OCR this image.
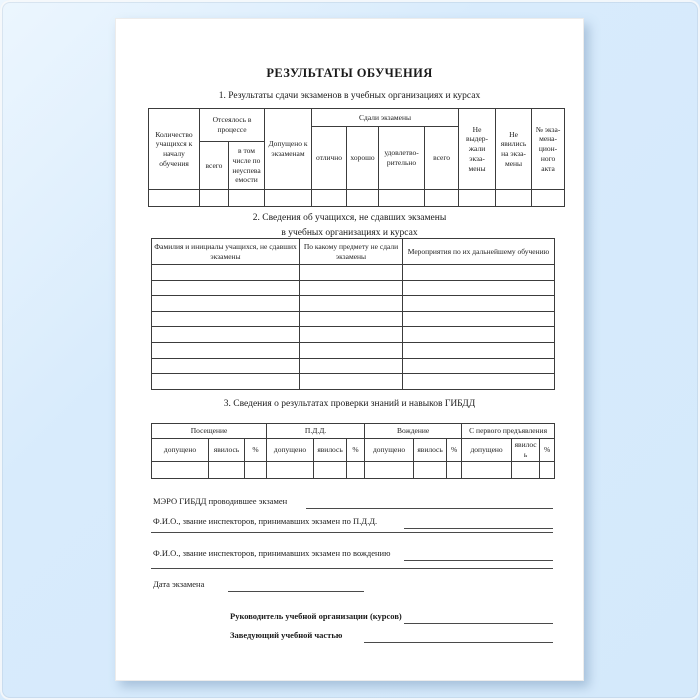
РЕЗУЛЬТАТЫ ОБУЧЕНИЯ
1. Результаты сдачи экзаменов в учебных организациях и курсах
Количество учащихся к началу обучения	Отсеялось в процессе		Допущено к экзаменам	Сдали экзамены				Не выдер-жали экза-мены	Не явились на экза-мены	№ экза-мена-цион-ного акта
				отлично	хорошо	удовлетво-рительно	всего			
	всего	в том числе по неуспеваемости								

2. Сведения об учащихся, не сдавших экзамены
в учебных организациях и курсах
Фамилия и инициалы учащихся, не сдавших экзамены	По какому предмету не сдали экзамены	Мероприятия по их дальнейшему обучению

3. Сведения о результатах проверки знаний и навыков ГИБДД
Посещение			П.Д.Д.			Вождение			С первого предъявления		
допущено	явилось	%	допущено	явилось	%	допущено	явилось	%	допущено	явилось	%

МЭРО ГИБДД проводившее экзамен
Ф.И.О., звание инспекторов, принимавших экзамен по П.Д.Д.
Ф.И.О., звание инспекторов, принимавших экзамен по вождению
Дата экзамена
Руководитель учебной организации (курсов)
Заведующий учебной частью
